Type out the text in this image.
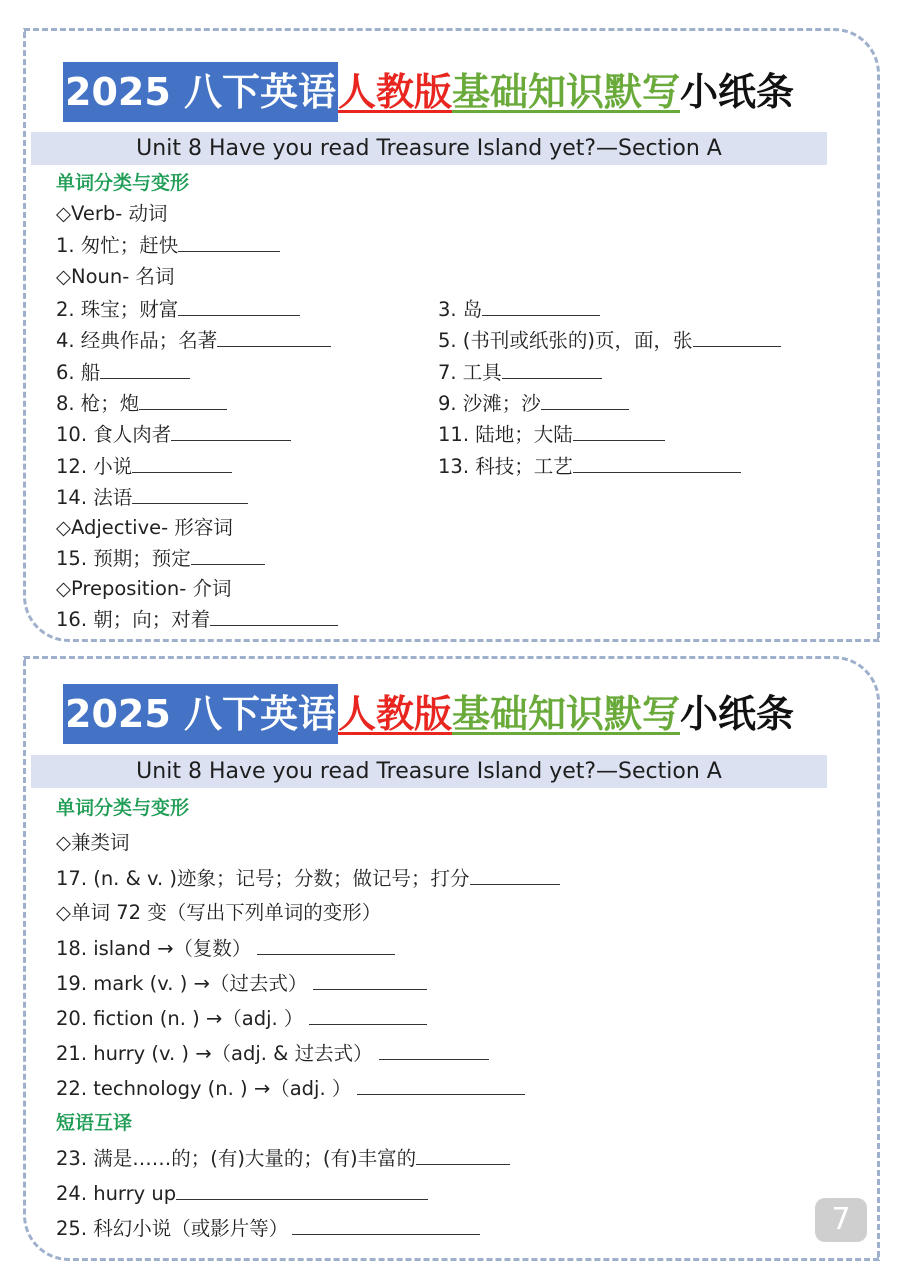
2025 八下英语 人教版 基础知识默写 小纸条
Unit 8 Have you read Treasure Island yet?—Section A
单词分类与变形
◇Verb- 动词
1. 匆忙；赶快
◇Noun- 名词
2. 珠宝；财富	3. 岛
4. 经典作品；名著	5. (书刊或纸张的)页，面，张
6. 船	7. 工具
8. 枪；炮	9. 沙滩；沙
10. 食人肉者	11. 陆地；大陆
12. 小说	13. 科技；工艺
14. 法语
◇Adjective- 形容词
15. 预期；预定
◇Preposition- 介词
16. 朝；向；对着
2025 八下英语 人教版 基础知识默写 小纸条
Unit 8 Have you read Treasure Island yet?—Section A
单词分类与变形
◇兼类词
17. (n. & v. )迹象；记号；分数；做记号；打分
◇单词 72 变（写出下列单词的变形）
18. island →（复数）
19. mark (v. ) →（过去式）
20. fiction (n. ) →（adj. ）
21. hurry (v. ) →（adj. & 过去式）
22. technology (n. ) →（adj. ）
短语互译
23. 满是……的；(有)大量的；(有)丰富的
24. hurry up
25. 科幻小说（或影片等）	7
